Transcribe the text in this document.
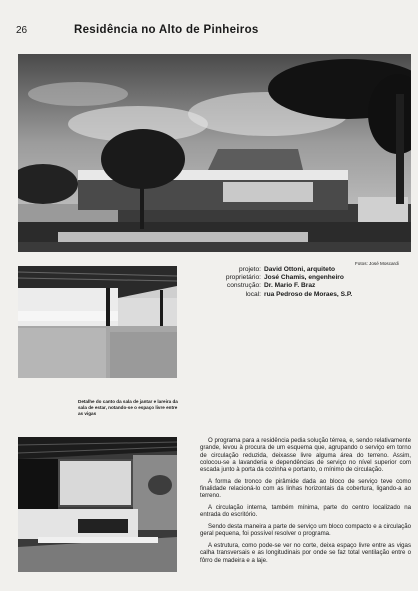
26	Residência no Alto de Pinheiros
Fotos: José Moscardi
projeto: David Ottoni, arquiteto
proprietário: José Chamis, engenheiro
construção: Dr. Mario F. Braz
local: rua Pedroso de Moraes, S.P.
Detalhe do canto da sala de jantar e lareira da sala de estar, notando-se o espaço livre entre as vigas

O programa para a residência pedia solução térrea, e, sendo relativamente grande, levou à procura de um esquema que, agrupando o serviço em torno de circulação reduzida, deixasse livre alguma área do terreno. Assim, colocou-se a lavanderia e dependências de serviço no nível superior com escada junto à porta da cozinha e portanto, o mínimo de circulação.

A forma de tronco de pirâmide dada ao bloco de serviço teve como finalidade relacioná-lo com as linhas horizontais da cobertura, ligando-a ao terreno.

A circulação interna, também mínima, parte do centro localizado na entrada do escritório.

Sendo desta maneira a parte de serviço um bloco compacto e a circulação geral pequena, foi possível resolver o programa.

A estrutura, como pode-se ver no corte, deixa espaço livre entre as vigas calha transversais e as longitudinais por onde se faz total ventilação entre o fôrro de madeira e a laje.
